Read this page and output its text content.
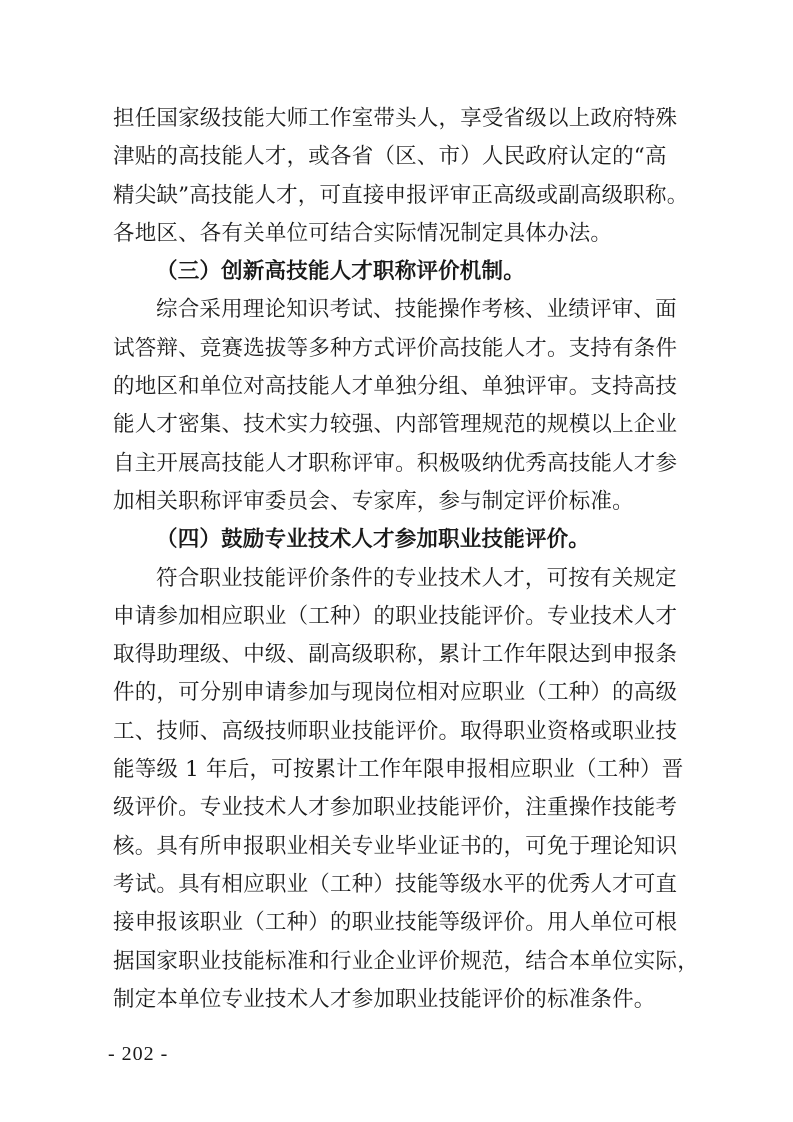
担任国家级技能大师工作室带头人，享受省级以上政府特殊
津贴的高技能人才，或各省（区、市）人民政府认定的“高
精尖缺”高技能人才，可直接申报评审正高级或副高级职称。
各地区、各有关单位可结合实际情况制定具体办法。
（三）创新高技能人才职称评价机制。
综合采用理论知识考试、技能操作考核、业绩评审、面
试答辩、竞赛选拔等多种方式评价高技能人才。支持有条件
的地区和单位对高技能人才单独分组、单独评审。支持高技
能人才密集、技术实力较强、内部管理规范的规模以上企业
自主开展高技能人才职称评审。积极吸纳优秀高技能人才参
加相关职称评审委员会、专家库，参与制定评价标准。
（四）鼓励专业技术人才参加职业技能评价。
符合职业技能评价条件的专业技术人才，可按有关规定
申请参加相应职业（工种）的职业技能评价。专业技术人才
取得助理级、中级、副高级职称，累计工作年限达到申报条
件的，可分别申请参加与现岗位相对应职业（工种）的高级
工、技师、高级技师职业技能评价。取得职业资格或职业技
能等级 1 年后，可按累计工作年限申报相应职业（工种）晋
级评价。专业技术人才参加职业技能评价，注重操作技能考
核。具有所申报职业相关专业毕业证书的，可免于理论知识
考试。具有相应职业（工种）技能等级水平的优秀人才可直
接申报该职业（工种）的职业技能等级评价。用人单位可根
据国家职业技能标准和行业企业评价规范，结合本单位实际，
制定本单位专业技术人才参加职业技能评价的标准条件。
- 202 -
